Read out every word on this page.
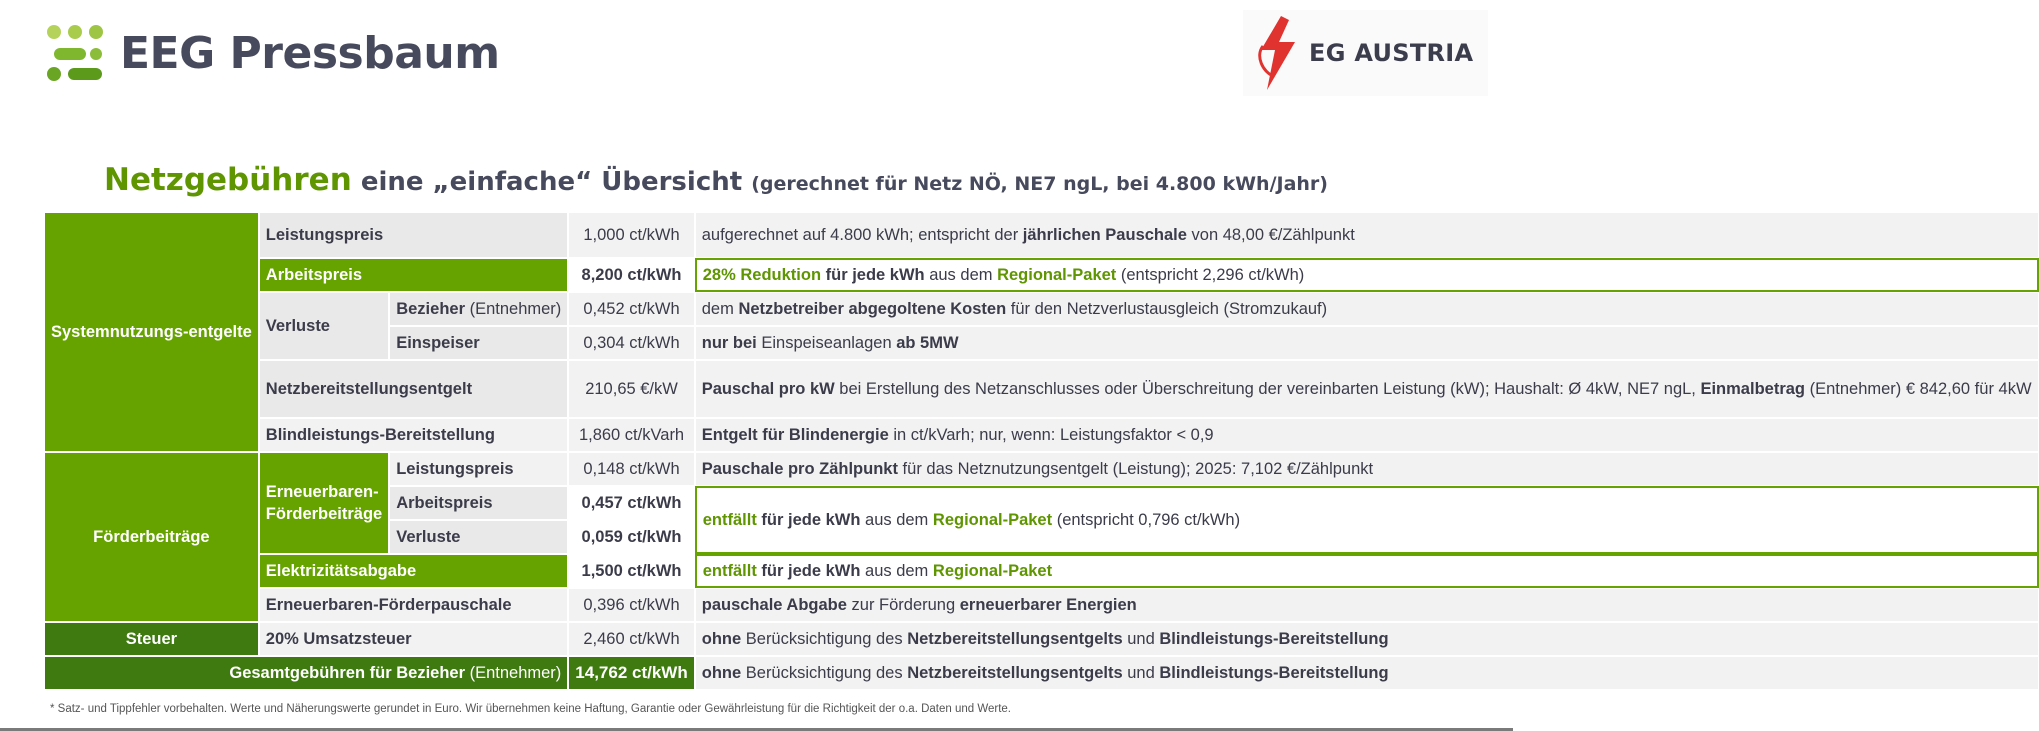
EEG Pressbaum	EG AUSTRIA
Netzgebühren eine „einfache“ Übersicht (gerechnet für Netz NÖ, NE7 ngL, bei 4.800 kWh/Jahr)
Systemnutzungs-entgelte	Leistungspreis		1,000 ct/kWh	aufgerechnet auf 4.800 kWh; entspricht der jährlichen Pauschale von 48,00 €/Zählpunkt
	Arbeitspreis		8,200 ct/kWh	28% Reduktion für jede kWh aus dem Regional-Paket (entspricht 2,296 ct/kWh)
	Verluste	Bezieher (Entnehmer)	0,452 ct/kWh	dem Netzbetreiber abgegoltene Kosten für den Netzverlustausgleich (Stromzukauf)
		Einspeiser	0,304 ct/kWh	nur bei Einspeiseanlagen ab 5MW
	Netzbereitstellungsentgelt		210,65 €/kW	Pauschal pro kW bei Erstellung des Netzanschlusses oder Überschreitung der vereinbarten Leistung (kW); Haushalt: Ø 4kW, NE7 ngL, Einmalbetrag (Entnehmer) € 842,60 für 4kW
	Blindleistungs-Bereitstellung		1,860 ct/kVarh	Entgelt für Blindenergie in ct/kVarh; nur, wenn: Leistungsfaktor < 0,9

Förderbeiträge	Erneuerbaren-Förderbeiträge	Leistungspreis	0,148 ct/kWh	Pauschale pro Zählpunkt für das Netznutzungsentgelt (Leistung); 2025: 7,102 €/Zählpunkt
		Arbeitspreis	0,457 ct/kWh	entfällt für jede kWh aus dem Regional-Paket (entspricht 0,796 ct/kWh)
		Verluste	0,059 ct/kWh	
	Elektrizitätsabgabe		1,500 ct/kWh	entfällt für jede kWh aus dem Regional-Paket
	Erneuerbaren-Förderpauschale		0,396 ct/kWh	pauschale Abgabe zur Förderung erneuerbarer Energien
Steuer	20% Umsatzsteuer		2,460 ct/kWh	ohne Berücksichtigung des Netzbereitstellungsentgelts und Blindleistungs-Bereitstellung
Gesamtgebühren für Bezieher (Entnehmer)			14,762 ct/kWh	ohne Berücksichtigung des Netzbereitstellungsentgelts und Blindleistungs-Bereitstellung
* Satz- und Tippfehler vorbehalten. Werte und Näherungswerte gerundet in Euro. Wir übernehmen keine Haftung, Garantie oder Gewährleistung für die Richtigkeit der o.a. Daten und Werte.
